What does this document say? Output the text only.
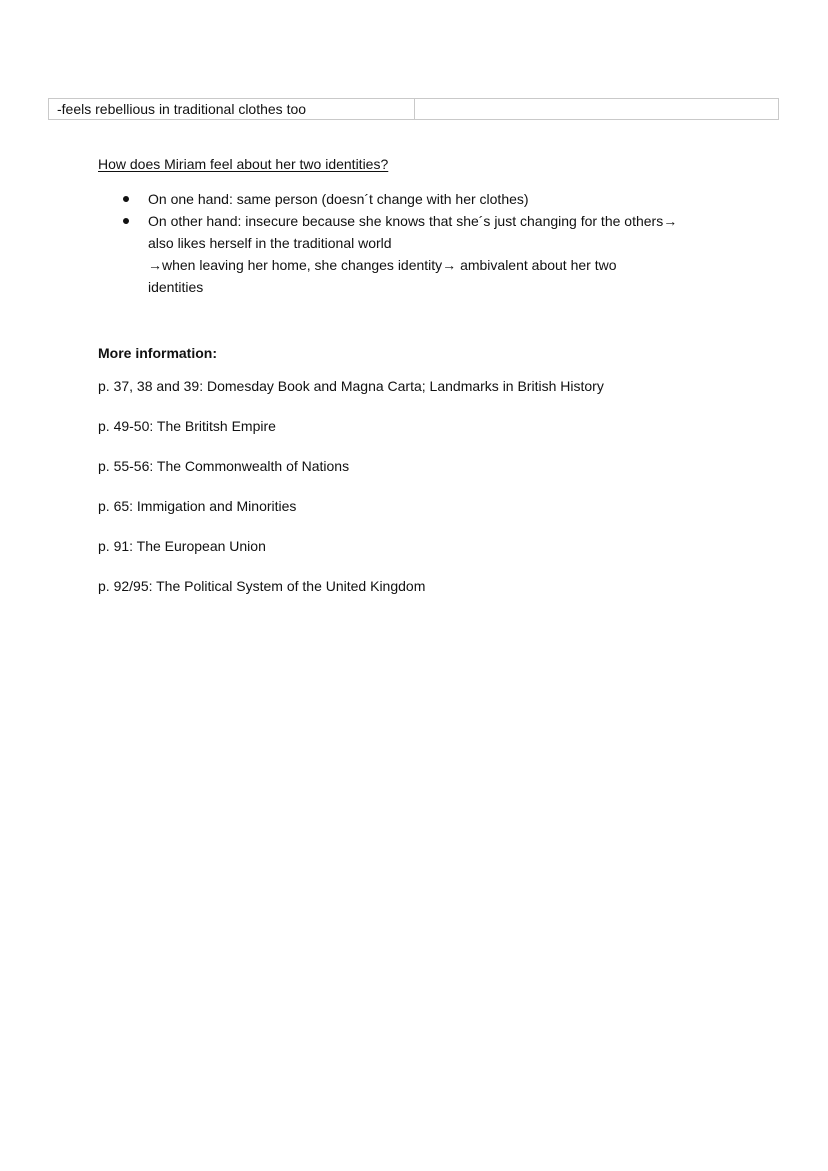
-feels rebellious in traditional clothes too
How does Miriam feel about her two identities?
On one hand: same person (doesn´t change with her clothes)
On other hand: insecure because she knows that she´s just changing for the others→
also likes herself in the traditional world
→when leaving her home, she changes identity→ ambivalent about her two
identities
More information:
p. 37, 38 and 39: Domesday Book and Magna Carta; Landmarks in British History
p. 49-50: The Brititsh Empire
p. 55-56: The Commonwealth of Nations
p. 65: Immigation and Minorities
p. 91: The European Union
p. 92/95: The Political System of the United Kingdom
